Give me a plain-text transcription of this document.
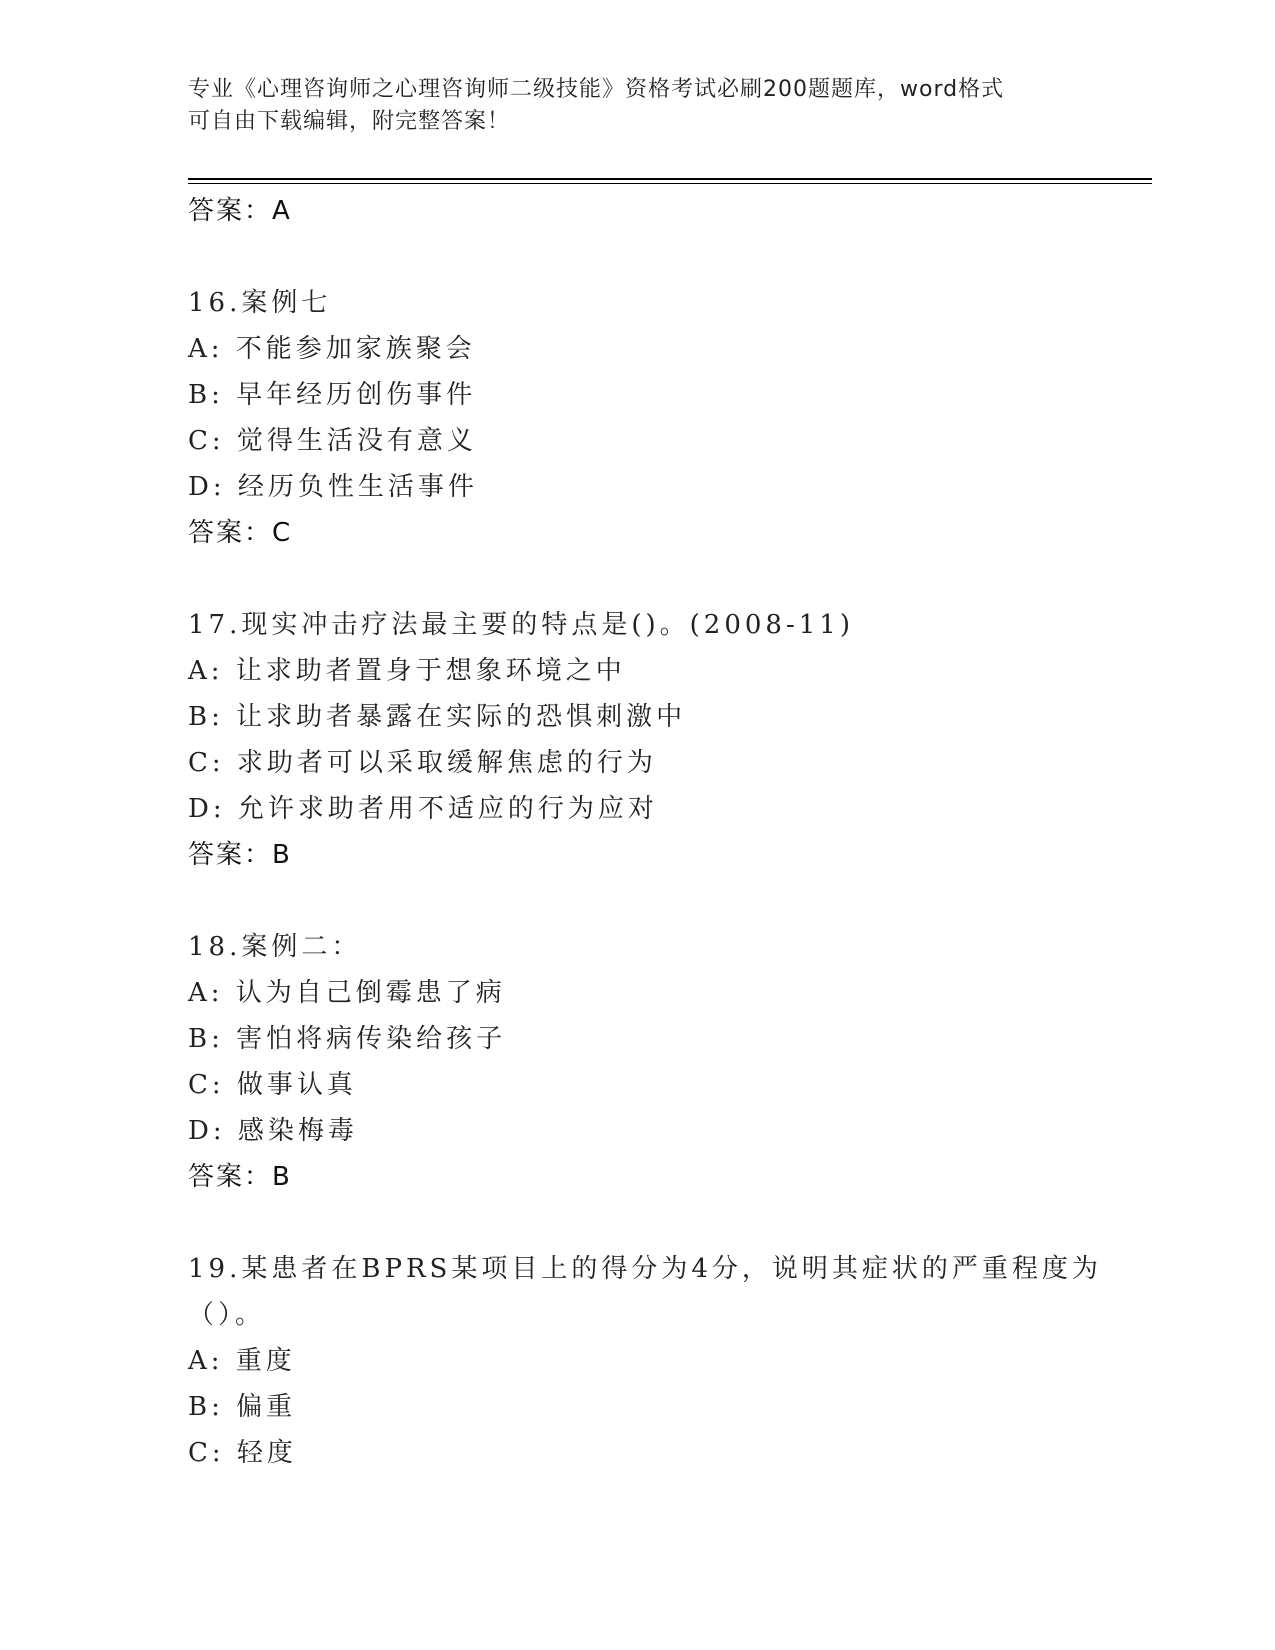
专业《心理咨询师之心理咨询师二级技能》资格考试必刷200题题库，word格式
可自由下载编辑，附完整答案！
答案：A
16.案例七
A: 不能参加家族聚会
B: 早年经历创伤事件
C: 觉得生活没有意义
D: 经历负性生活事件
答案：C
17.现实冲击疗法最主要的特点是()。(2008-11)
A: 让求助者置身于想象环境之中
B: 让求助者暴露在实际的恐惧刺激中
C: 求助者可以采取缓解焦虑的行为
D: 允许求助者用不适应的行为应对
答案：B
18.案例二：
A: 认为自己倒霉患了病
B: 害怕将病传染给孩子
C: 做事认真
D: 感染梅毒
答案：B
19.某患者在BPRS某项目上的得分为4分，说明其症状的严重程度为
（）。
A: 重度
B: 偏重
C: 轻度
